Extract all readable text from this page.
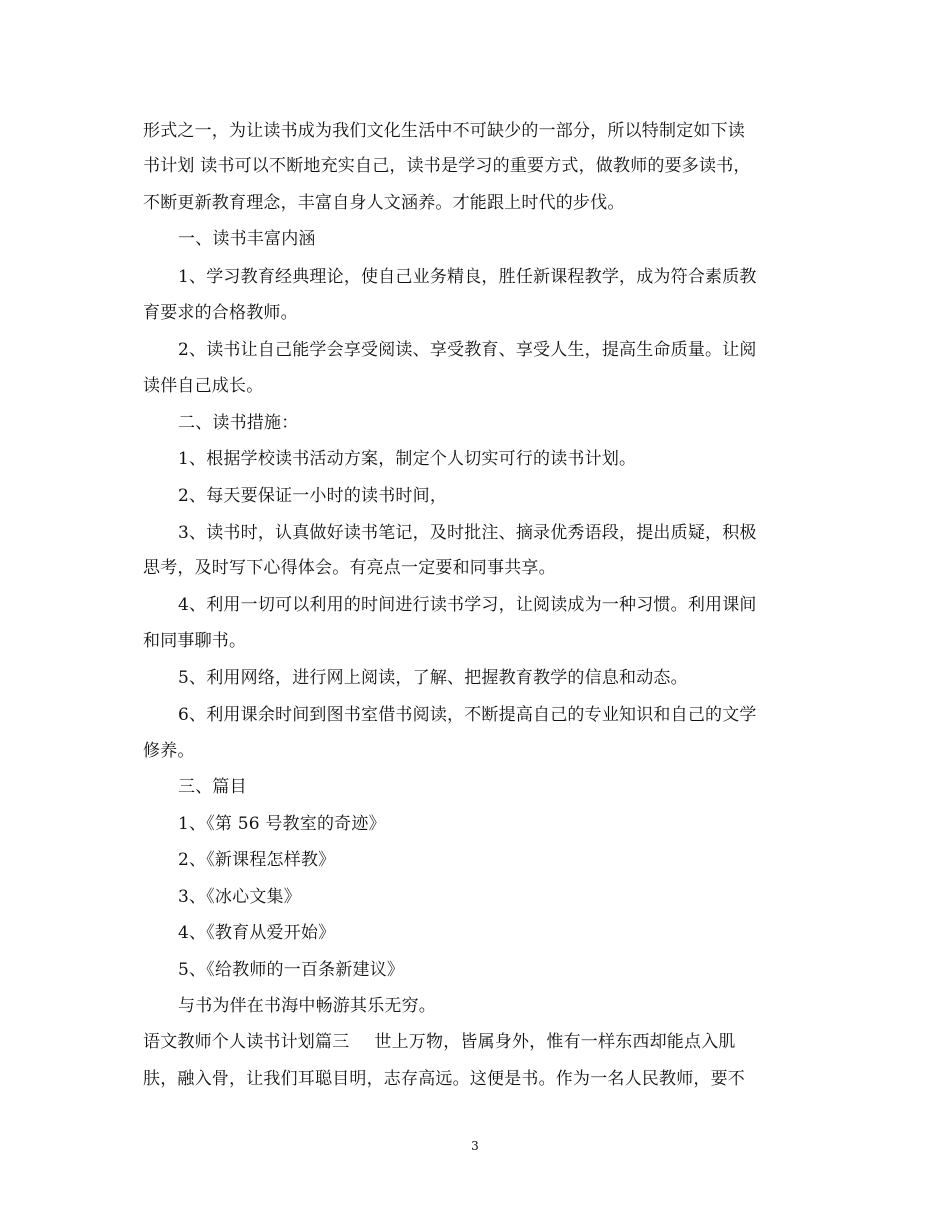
形式之一，为让读书成为我们文化生活中不可缺少的一部分，所以特制定如下读
书计划 读书可以不断地充实自己，读书是学习的重要方式，做教师的要多读书，
不断更新教育理念，丰富自身人文涵养。才能跟上时代的步伐。
一、读书丰富内涵
1、学习教育经典理论，使自己业务精良，胜任新课程教学，成为符合素质教
育要求的合格教师。
2、读书让自己能学会享受阅读、享受教育、享受人生，提高生命质量。让阅
读伴自己成长。
二、读书措施：
1、根据学校读书活动方案，制定个人切实可行的读书计划。
2、每天要保证一小时的读书时间，
3、读书时，认真做好读书笔记，及时批注、摘录优秀语段，提出质疑，积极
思考，及时写下心得体会。有亮点一定要和同事共享。
4、利用一切可以利用的时间进行读书学习，让阅读成为一种习惯。利用课间
和同事聊书。
5、利用网络，进行网上阅读，了解、把握教育教学的信息和动态。
6、利用课余时间到图书室借书阅读，不断提高自己的专业知识和自己的文学
修养。
三、篇目
1、《第 56 号教室的奇迹》
2、《新课程怎样教》
3、《冰心文集》
4、《教育从爱开始》
5、《给教师的一百条新建议》
与书为伴在书海中畅游其乐无穷。
语文教师个人读书计划篇三 世上万物，皆属身外，惟有一样东西却能点入肌
肤，融入骨，让我们耳聪目明，志存高远。这便是书。作为一名人民教师，要不
3
